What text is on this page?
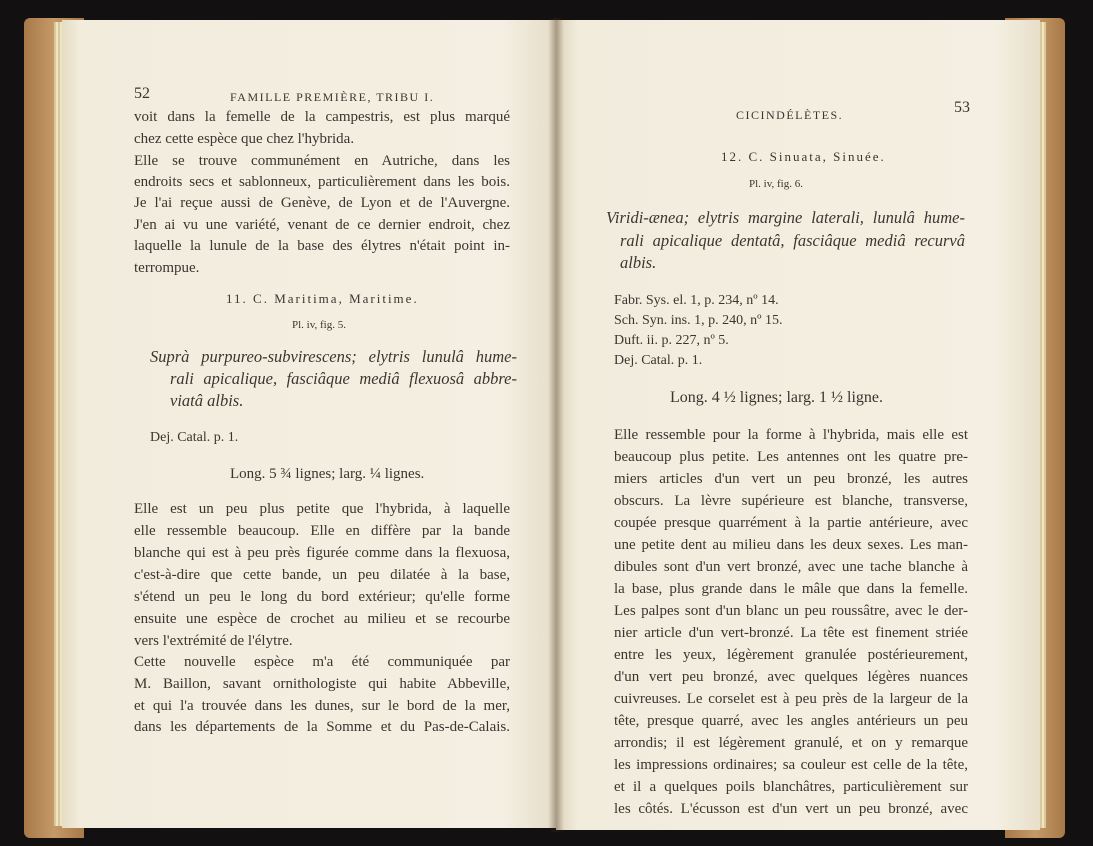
52	FAMILLE PREMIÈRE, TRIBU I.
voit dans la femelle de la campestris, est plus marqué
chez cette espèce que chez l'hybrida.
Elle se trouve communément en Autriche, dans les
endroits secs et sablonneux, particulièrement dans les bois.
Je l'ai reçue aussi de Genève, de Lyon et de l'Auvergne.
J'en ai vu une variété, venant de ce dernier endroit, chez
laquelle la lunule de la base des élytres n'était point in-
terrompue.
11. C. Maritima, Maritime.
Pl. iv, fig. 5.
Suprà purpureo-subvirescens; elytris lunulâ hume-
rali apicalique, fasciâque mediâ flexuosâ abbre-
viatâ albis.
Dej. Catal. p. 1.
Long. 5 ¾ lignes; larg. ¼ lignes.
Elle est un peu plus petite que l'hybrida, à laquelle
elle ressemble beaucoup. Elle en diffère par la bande
blanche qui est à peu près figurée comme dans la flexuosa,
c'est-à-dire que cette bande, un peu dilatée à la base,
s'étend un peu le long du bord extérieur; qu'elle forme
ensuite une espèce de crochet au milieu et se recourbe
vers l'extrémité de l'élytre.
Cette nouvelle espèce m'a été communiquée par
M. Baillon, savant ornithologiste qui habite Abbeville,
et qui l'a trouvée dans les dunes, sur le bord de la mer,
dans les départements de la Somme et du Pas-de-Calais.
CICINDÉLÈTES.	53
12. C. Sinuata, Sinuée.
Pl. iv, fig. 6.
Viridi-ænea; elytris margine laterali, lunulâ hume-
rali apicalique dentatâ, fasciâque mediâ recurvâ
albis.
Fabr. Sys. el. 1, p. 234, nº 14.
Sch. Syn. ins. 1, p. 240, nº 15.
Duft. ii. p. 227, nº 5.
Dej. Catal. p. 1.
Long. 4 ½ lignes; larg. 1 ½ ligne.
Elle ressemble pour la forme à l'hybrida, mais elle est
beaucoup plus petite. Les antennes ont les quatre pre-
miers articles d'un vert un peu bronzé, les autres
obscurs. La lèvre supérieure est blanche, transverse,
coupée presque quarrément à la partie antérieure, avec
une petite dent au milieu dans les deux sexes. Les man-
dibules sont d'un vert bronzé, avec une tache blanche à
la base, plus grande dans le mâle que dans la femelle.
Les palpes sont d'un blanc un peu roussâtre, avec le der-
nier article d'un vert-bronzé. La tête est finement striée
entre les yeux, légèrement granulée postérieurement,
d'un vert peu bronzé, avec quelques légères nuances
cuivreuses. Le corselet est à peu près de la largeur de la
tête, presque quarré, avec les angles antérieurs un peu
arrondis; il est légèrement granulé, et on y remarque
les impressions ordinaires; sa couleur est celle de la tête,
et il a quelques poils blanchâtres, particulièrement sur
les côtés. L'écusson est d'un vert un peu bronzé, avec
